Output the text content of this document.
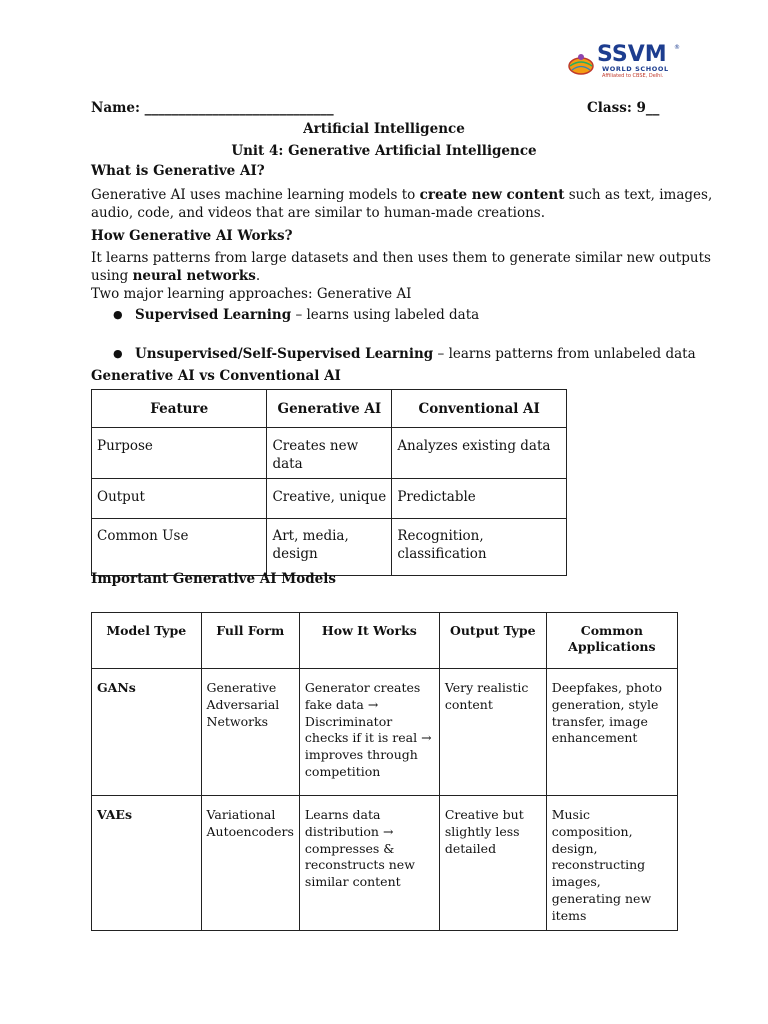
SSVM ®
WORLD SCHOOL
Affiliated to CBSE, Delhi.
Name: ____________________________	Class: 9__
Artificial Intelligence
Unit 4: Generative Artificial Intelligence
What is Generative AI?
Generative AI uses machine learning models to create new content such as text, images,
audio, code, and videos that are similar to human-made creations.
How Generative AI Works?
It learns patterns from large datasets and then uses them to generate similar new outputs
using neural networks.
Two major learning approaches: Generative AI
● Supervised Learning – learns using labeled data
● Unsupervised/Self-Supervised Learning – learns patterns from unlabeled data
Generative AI vs Conventional AI
Feature	Generative AI	Conventional AI
Purpose	Creates new data	Analyzes existing data
Output	Creative, unique	Predictable
Common Use	Art, media, design	Recognition, classification
Important Generative AI Models
Model Type	Full Form	How It Works	Output Type	Common Applications
GANs	Generative Adversarial Networks	Generator creates fake data → Discriminator checks if it is real → improves through competition	Very realistic content	Deepfakes, photo generation, style transfer, image enhancement
VAEs	Variational Autoencoders	Learns data distribution → compresses & reconstructs new similar content	Creative but slightly less detailed	Music composition, design, reconstructing images, generating new items
